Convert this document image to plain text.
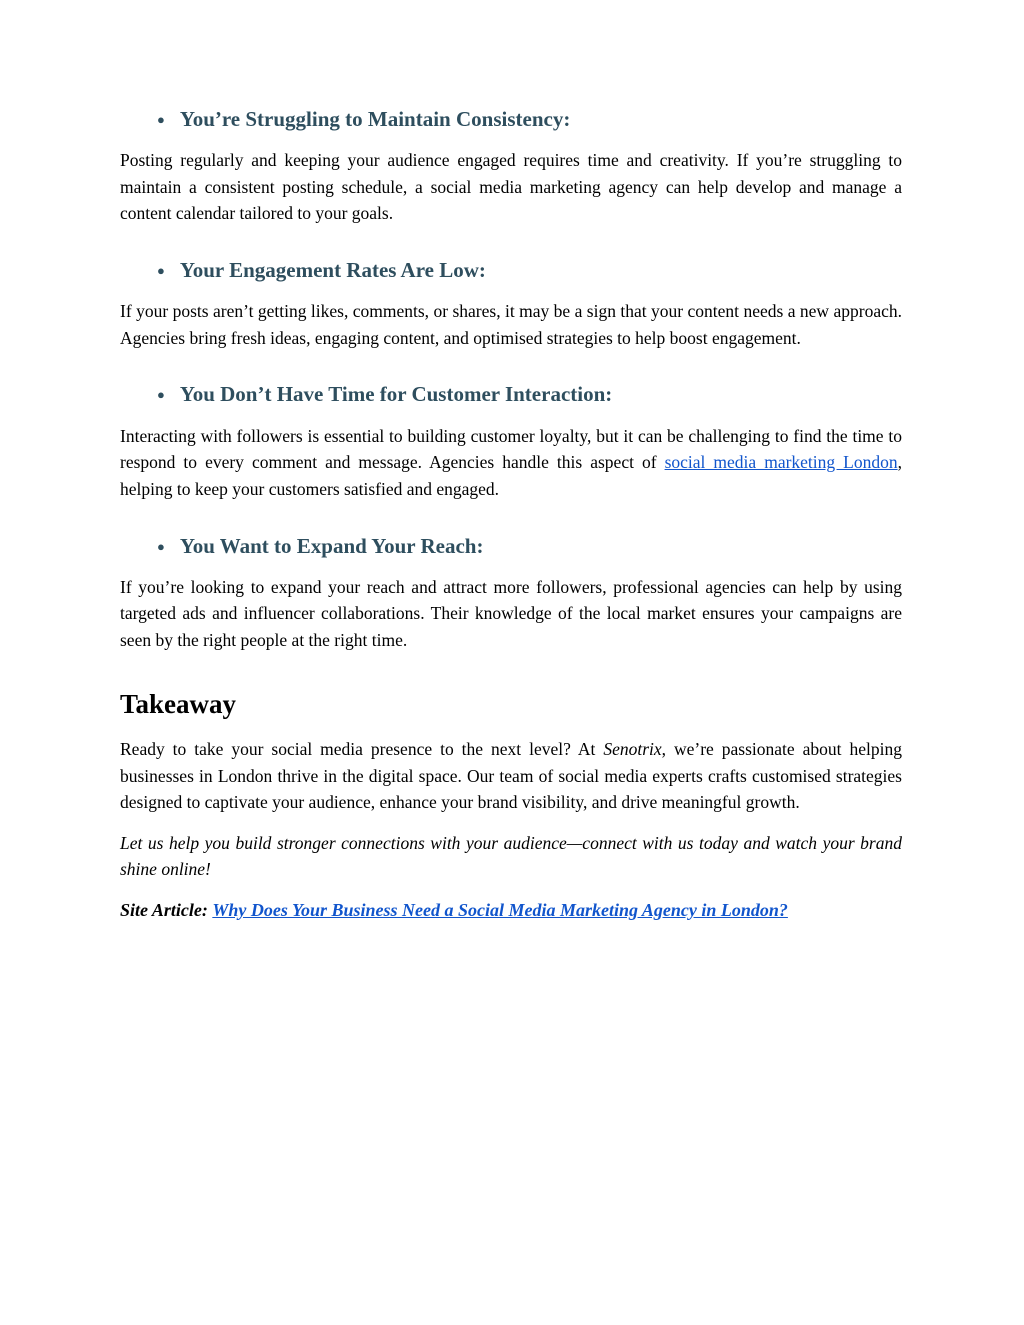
● You’re Struggling to Maintain Consistency:

Posting regularly and keeping your audience engaged requires time and creativity. If you’re struggling to maintain a consistent posting schedule, a social media marketing agency can help develop and manage a content calendar tailored to your goals.

● Your Engagement Rates Are Low:

If your posts aren’t getting likes, comments, or shares, it may be a sign that your content needs a new approach. Agencies bring fresh ideas, engaging content, and optimised strategies to help boost engagement.

● You Don’t Have Time for Customer Interaction:

Interacting with followers is essential to building customer loyalty, but it can be challenging to find the time to respond to every comment and message. Agencies handle this aspect of social media marketing London, helping to keep your customers satisfied and engaged.

● You Want to Expand Your Reach:

If you’re looking to expand your reach and attract more followers, professional agencies can help by using targeted ads and influencer collaborations. Their knowledge of the local market ensures your campaigns are seen by the right people at the right time.

Takeaway

Ready to take your social media presence to the next level? At Senotrix, we’re passionate about helping businesses in London thrive in the digital space. Our team of social media experts crafts customised strategies designed to captivate your audience, enhance your brand visibility, and drive meaningful growth.

Let us help you build stronger connections with your audience—connect with us today and watch your brand shine online!

Site Article: Why Does Your Business Need a Social Media Marketing Agency in London?
